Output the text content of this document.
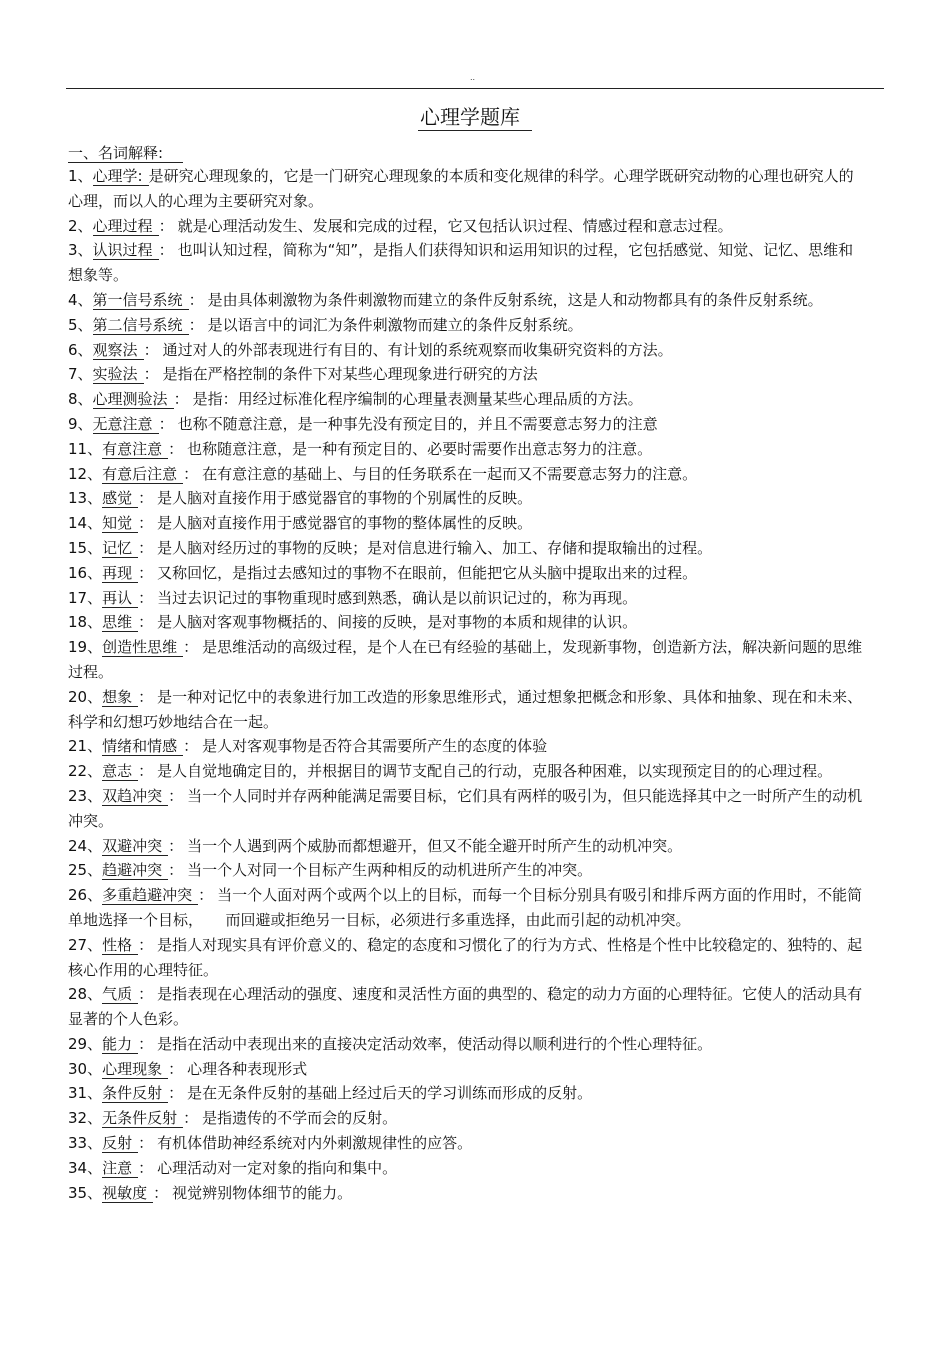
..
心理学题库
一、名词解释:

1、心理学: 是研究心理现象的，它是一门研究心理现象的本质和变化规律的科学。心理学既研究动物的心理也研究人的心理，而以人的心理为主要研究对象。

2、心理过程 ： 就是心理活动发生、发展和完成的过程，它又包括认识过程、情感过程和意志过程。

3、认识过程 ： 也叫认知过程，简称为“知”，是指人们获得知识和运用知识的过程，它包括感觉、知觉、记忆、思维和想象等。

4、第一信号系统 ： 是由具体刺激物为条件刺激物而建立的条件反射系统，这是人和动物都具有的条件反射系统。

5、第二信号系统 ： 是以语言中的词汇为条件刺激物而建立的条件反射系统。

6、观察法 ： 通过对人的外部表现进行有目的、有计划的系统观察而收集研究资料的方法。

7、实验法 ： 是指在严格控制的条件下对某些心理现象进行研究的方法

8、心理测验法 ： 是指：用经过标准化程序编制的心理量表测量某些心理品质的方法。

9、无意注意 ： 也称不随意注意，是一种事先没有预定目的，并且不需要意志努力的注意

11、有意注意 ： 也称随意注意，是一种有预定目的、必要时需要作出意志努力的注意。

12、有意后注意 ： 在有意注意的基础上、与目的任务联系在一起而又不需要意志努力的注意。

13、感觉 ： 是人脑对直接作用于感觉器官的事物的个别属性的反映。

14、知觉 ： 是人脑对直接作用于感觉器官的事物的整体属性的反映。

15、记忆 ： 是人脑对经历过的事物的反映；是对信息进行输入、加工、存储和提取输出的过程。

16、再现 ： 又称回忆，是指过去感知过的事物不在眼前，但能把它从头脑中提取出来的过程。

17、再认 ： 当过去识记过的事物重现时感到熟悉，确认是以前识记过的，称为再现。

18、思维 ： 是人脑对客观事物概括的、间接的反映，是对事物的本质和规律的认识。

19、创造性思维 ： 是思维活动的高级过程，是个人在已有经验的基础上，发现新事物，创造新方法，解决新问题的思维过程。

20、想象 ： 是一种对记忆中的表象进行加工改造的形象思维形式，通过想象把概念和形象、具体和抽象、现在和未来、科学和幻想巧妙地结合在一起。

21、情绪和情感 ： 是人对客观事物是否符合其需要所产生的态度的体验

22、意志 ： 是人自觉地确定目的，并根据目的调节支配自己的行动，克服各种困难，以实现预定目的的心理过程。

23、双趋冲突 ： 当一个人同时并存两种能满足需要目标，它们具有两样的吸引为，但只能选择其中之一时所产生的动机冲突。

24、双避冲突 ： 当一个人遇到两个威胁而都想避开，但又不能全避开时所产生的动机冲突。

25、趋避冲突 ： 当一个人对同一个目标产生两种相反的动机进所产生的冲突。

26、多重趋避冲突 ： 当一个人面对两个或两个以上的目标，而每一个目标分别具有吸引和排斥两方面的作用时，不能简单地选择一个目标，　　而回避或拒绝另一目标，必须进行多重选择，由此而引起的动机冲突。

27、性格 ： 是指人对现实具有评价意义的、稳定的态度和习惯化了的行为方式、性格是个性中比较稳定的、独特的、起核心作用的心理特征。

28、气质 ： 是指表现在心理活动的强度、速度和灵活性方面的典型的、稳定的动力方面的心理特征。它使人的活动具有显著的个人色彩。

29、能力 ： 是指在活动中表现出来的直接决定活动效率，使活动得以顺利进行的个性心理特征。

30、心理现象 ： 心理各种表现形式

31、条件反射 ： 是在无条件反射的基础上经过后天的学习训练而形成的反射。

32、无条件反射 ： 是指遗传的不学而会的反射。

33、反射 ： 有机体借助神经系统对内外刺激规律性的应答。

34、注意 ： 心理活动对一定对象的指向和集中。

35、视敏度 ： 视觉辨别物体细节的能力。
